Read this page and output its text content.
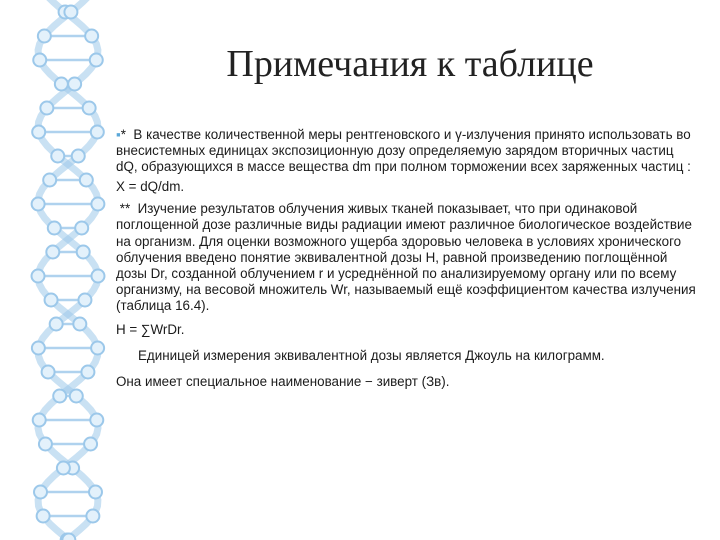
Примечания к таблице

▪* В качестве количественной меры рентгеновского и γ-излучения принято использовать во внесистемных единицах экспозиционную дозу определяемую зарядом вторичных частиц dQ, образующихся в массе вещества dm при полном торможении всех заряженных частиц :

Х = dQ/dm.

** Изучение результатов облучения живых тканей показывает, что при одинаковой поглощенной дозе различные виды радиации имеют различное биологическое воздействие на организм. Для оценки возможного ущерба здоровью человека в условиях хронического облучения введено понятие эквивалентной дозы Н, равной произведению поглощённой дозы Dr, созданной облучением r и усреднённой по анализируемому органу или по всему организму, на весовой множитель Wr, называемый ещё коэффициентом качества излучения (таблица 16.4).

Н = ∑WrDr.

Единицей измерения эквивалентной дозы является Джоуль на килограмм.

Она имеет специальное наименование − зиверт (Зв).
